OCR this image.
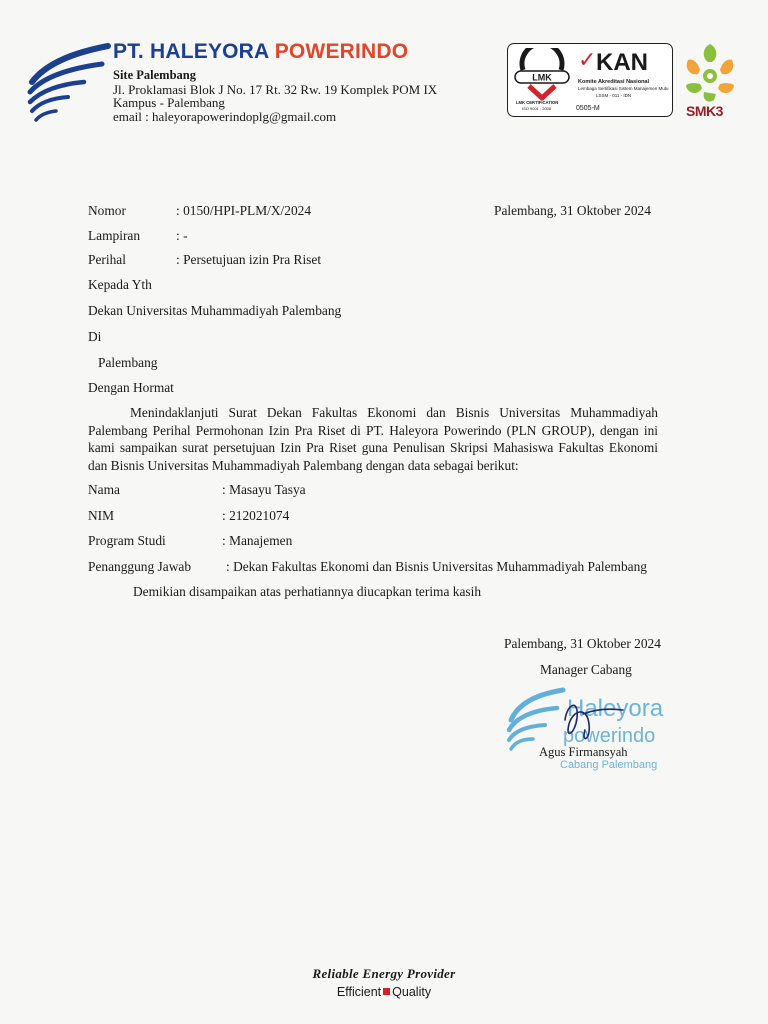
PT. HALEYORA POWERINDO
Site Palembang
Jl. Proklamasi Blok J No. 17 Rt. 32 Rw. 19 Komplek POM IX
Kampus - Palembang
email : haleyorapowerindoplg@gmail.com
LMK
✓ KAN
Komite Akreditasi Nasional
Lembaga Sertifikasi Sistem Manajemen Mutu
LSSM - 011 - IDN
LMK CERTIFICATION
ISO 9001 : 2008	0505-M	SMK3
Nomor	: 0150/HPI-PLM/X/2024	Palembang, 31 Oktober 2024
Lampiran	: -
Perihal	: Persetujuan izin Pra Riset
Kepada Yth
Dekan Universitas Muhammadiyah Palembang
Di
Palembang
Dengan Hormat
Menindaklanjuti Surat Dekan Fakultas Ekonomi dan Bisnis Universitas Muhammadiyah Palembang Perihal Permohonan Izin Pra Riset di PT. Haleyora Powerindo (PLN GROUP), dengan ini kami sampaikan surat persetujuan Izin Pra Riset guna Penulisan Skripsi Mahasiswa Fakultas Ekonomi dan Bisnis Universitas Muhammadiyah Palembang dengan data sebagai berikut:
Nama	: Masayu Tasya
NIM	: 212021074
Program Studi	: Manajemen
Penanggung Jawab	: Dekan Fakultas Ekonomi dan Bisnis Universitas Muhammadiyah Palembang
Demikian disampaikan atas perhatiannya diucapkan terima kasih
Palembang, 31 Oktober 2024
Manager Cabang
Haleyora
powerindo
Cabang Palembang
Agus Firmansyah
Reliable Energy Provider
Efficient Quality
